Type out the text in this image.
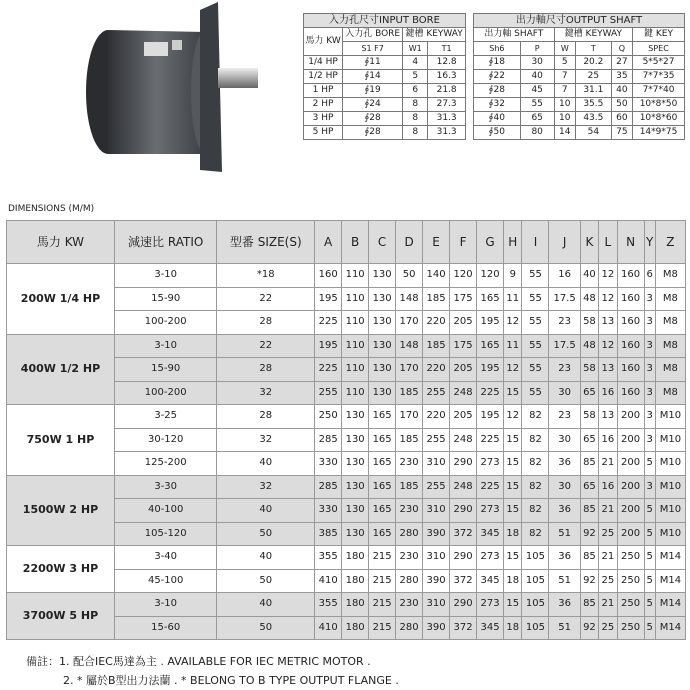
入力孔尺寸INPUT BORE			
馬力 KW	入力孔 BORE	鍵槽 KEYWAY	
	S1 F7	W1	T1
1/4 HP	∮11	4	12.8
1/2 HP	∮14	5	16.3
1 HP	∮19	6	21.8
2 HP	∮24	8	27.3
3 HP	∮28	8	31.3
5 HP	∮28	8	31.3
出力軸尺寸OUTPUT SHAFT					
出力軸 SHAFT		鍵槽 KEYWAY			鍵 KEY
Sh6	P	W	T	Q	SPEC
∮18	30	5	20.2	27	5*5*27
∮22	40	7	25	35	7*7*35
∮28	45	7	31.1	40	7*7*40
∮32	55	10	35.5	50	10*8*50
∮40	65	10	43.5	60	10*8*60
∮50	80	14	54	75	14*9*75
DIMENSIONS (M/M)
馬力 KW	減速比 RATIO	型番 SIZE(S)	A	B	C	D	E	F	G	H	I	J	K	L	N	Y	Z
200W 1/4 HP	3-10	*18	160	110	130	50	140	120	120	9	55	16	40	12	160	6	M8
	15-90	22	195	110	130	148	185	175	165	11	55	17.5	48	12	160	3	M8
	100-200	28	225	110	130	170	220	205	195	12	55	23	58	13	160	3	M8
400W 1/2 HP	3-10	22	195	110	130	148	185	175	165	11	55	17.5	48	12	160	3	M8
	15-90	28	225	110	130	170	220	205	195	12	55	23	58	13	160	3	M8
	100-200	32	255	110	130	185	255	248	225	15	55	30	65	16	160	3	M8
750W 1 HP	3-25	28	250	130	165	170	220	205	195	12	82	23	58	13	200	3	M10
	30-120	32	285	130	165	185	255	248	225	15	82	30	65	16	200	3	M10
	125-200	40	330	130	165	230	310	290	273	15	82	36	85	21	200	5	M10
1500W 2 HP	3-30	32	285	130	165	185	255	248	225	15	82	30	65	16	200	3	M10
	40-100	40	330	130	165	230	310	290	273	15	82	36	85	21	200	5	M10
	105-120	50	385	130	165	280	390	372	345	18	82	51	92	25	200	5	M10
2200W 3 HP	3-40	40	355	180	215	230	310	290	273	15	105	36	85	21	250	5	M14
	45-100	50	410	180	215	280	390	372	345	18	105	51	92	25	250	5	M14
3700W 5 HP	3-10	40	355	180	215	230	310	290	273	15	105	36	85	21	250	5	M14
	15-60	50	410	180	215	280	390	372	345	18	105	51	92	25	250	5	M14
備註：1. 配合IEC馬達為主 . AVAILABLE FOR IEC METRIC MOTOR .
2. * 屬於B型出力法蘭 . * BELONG TO B TYPE OUTPUT FLANGE .
